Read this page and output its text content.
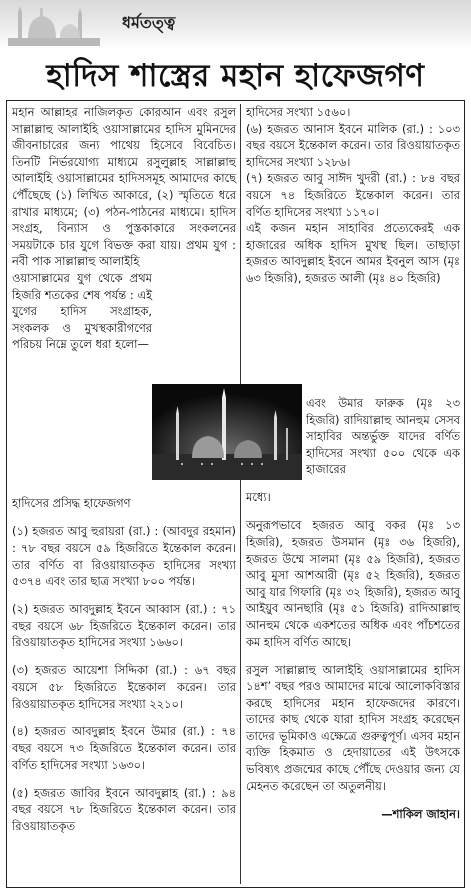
ধর্মতত্ত্ব
হাদিস শাস্ত্রের মহান হাফেজগণ

মহান আল্লাহর নাজিলকৃত কোরআন এবং রসুল সাল্লাল্লাহু আলাইহি ওয়াসাল্লামের হাদিস মুমিনদের জীবনাচারের জন্য পাথেয় হিসেবে বিবেচিত। তিনটি নির্ভরযোগ্য মাধ্যমে রসুলুল্লাহ সাল্লাল্লাহু আলাইহি ওয়াসাল্লামের হাদিসসমূহ আমাদের কাছে পৌঁছেছে (১) লিখিত আকারে, (২) স্মৃতিতে ধরে রাখার মাধ্যমে; (৩) পঠন-পাঠনের মাধ্যমে। হাদিস সংগ্রহ, বিন্যাস ও পুস্তকাকারে সংকলনের সময়টাকে চার যুগে বিভক্ত করা যায়। প্রথম যুগ : নবী পাক সাল্লাল্লাহু আলাইহি

ওয়াসাল্লামের যুগ থেকে প্রথম হিজরি শতকের শেষ পর্যন্ত : এই যুগের হাদিস সংগ্রাহক, সংকলক ও মুখস্থকারীগণের পরিচয় নিম্নে তুলে ধরা হলো—

হাদিসের প্রসিদ্ধ হাফেজগণ

(১) হজরত আবু হুরায়রা (রা.) : (আবদুর রহমান) : ৭৮ বছর বয়সে ৫৯ হিজরিতে ইন্তেকাল করেন। তার বর্ণিত বা রিওয়ায়াতকৃত হাদিসের সংখ্যা ৫৩৭৪ এবং তার ছাত্র সংখ্যা ৮০০ পর্যন্ত।

(২) হজরত আবদুল্লাহ ইবনে আব্বাস (রা.) : ৭১ বছর বয়সে ৬৮ হিজরিতে ইন্তেকাল করেন। তার রিওয়ায়াতকৃত হাদিসের সংখ্যা ১৬৬০।

(৩) হজরত আয়েশা সিদ্দিকা (রা.) : ৬৭ বছর বয়সে ৫৮ হিজরিতে ইন্তেকাল করেন। তার রিওয়ায়াতকৃত হাদিসের সংখ্যা ২২১০।

(৪) হজরত আবদুল্লাহ ইবনে উমার (রা.) : ৭৪ বছর বয়সে ৭৩ হিজরিতে ইন্তেকাল করেন। তার বর্ণিত হাদিসের সংখ্যা ১৬৩০।

(৫) হজরত জাবির ইবনে আবদুল্লাহ (রা.) : ৯৪ বছর বয়সে ৭৮ হিজরিতে ইন্তেকাল করেন। তার রিওয়ায়াতকৃত

হাদিসের সংখ্যা ১৫৬০।

(৬) হজরত আনাস ইবনে মালিক (রা.) : ১০৩ বছর বয়সে ইন্তেকাল করেন। তার রিওয়ায়াতকৃত হাদিসের সংখ্যা ১২৮৬।

(৭) হজরত আবু সাঈদ খুদরী (রা.) : ৮৪ বছর বয়সে ৭৪ হিজরিতে ইন্তেকাল করেন। তার বর্ণিত হাদিসের সংখ্যা ১১৭০।

এই কজন মহান সাহাবির প্রত্যেকেরই এক হাজারের অধিক হাদিস মুখস্থ ছিল। তাছাড়া হজরত আবদুল্লাহ ইবনে আমর ইবনুল আস (মৃঃ ৬৩ হিজরি), হজরত আলী (মৃঃ ৪০ হিজরি)

এবং উমার ফারুক (মৃঃ ২৩ হিজরি) রাদিয়াল্লাহু আনহুম সেসব সাহাবির অন্তর্ভুক্ত যাদের বর্ণিত হাদিসের সংখ্যা ৫০০ থেকে এক হাজারের

মধ্যে।

অনুরূপভাবে হজরত আবু বকর (মৃঃ ১৩ হিজরি), হজরত উসমান (মৃঃ ৩৬ হিজরি), হজরত উম্মে সালমা (মৃঃ ৫৯ হিজরি), হজরত আবু মুসা আশআরী (মৃঃ ৫২ হিজরি), হজরত আবু যার গিফারি (মৃঃ ৩২ হিজরি), হজরত আবু আইয়ুব আনছারি (মৃঃ ৫১ হিজরি) রাদিআল্লাহু আনহুম থেকে একশতের অধিক এবং পাঁচশতের কম হাদিস বর্ণিত আছে।

রসুল সাল্লাল্লাহু আলাইহি ওয়াসাল্লামের হাদিস ১৪শ’ বছর পরও আমাদের মাঝে আলোকবিস্তার করছে হাদিসের মহান হাফেজদের কারণে। তাদের কাছ থেকে যারা হাদিস সংগ্রহ করেছেন তাদের ভূমিকাও এক্ষেত্রে গুরুত্বপূর্ণ। এসব মহান ব্যক্তি হিকমাত ও হেদায়াতের এই উৎসকে ভবিষ্যৎ প্রজন্মের কাছে পৌঁছে দেওয়ার জন্য যে মেহনত করেছেন তা অতুলনীয়।

—শাকিল জাহান।
